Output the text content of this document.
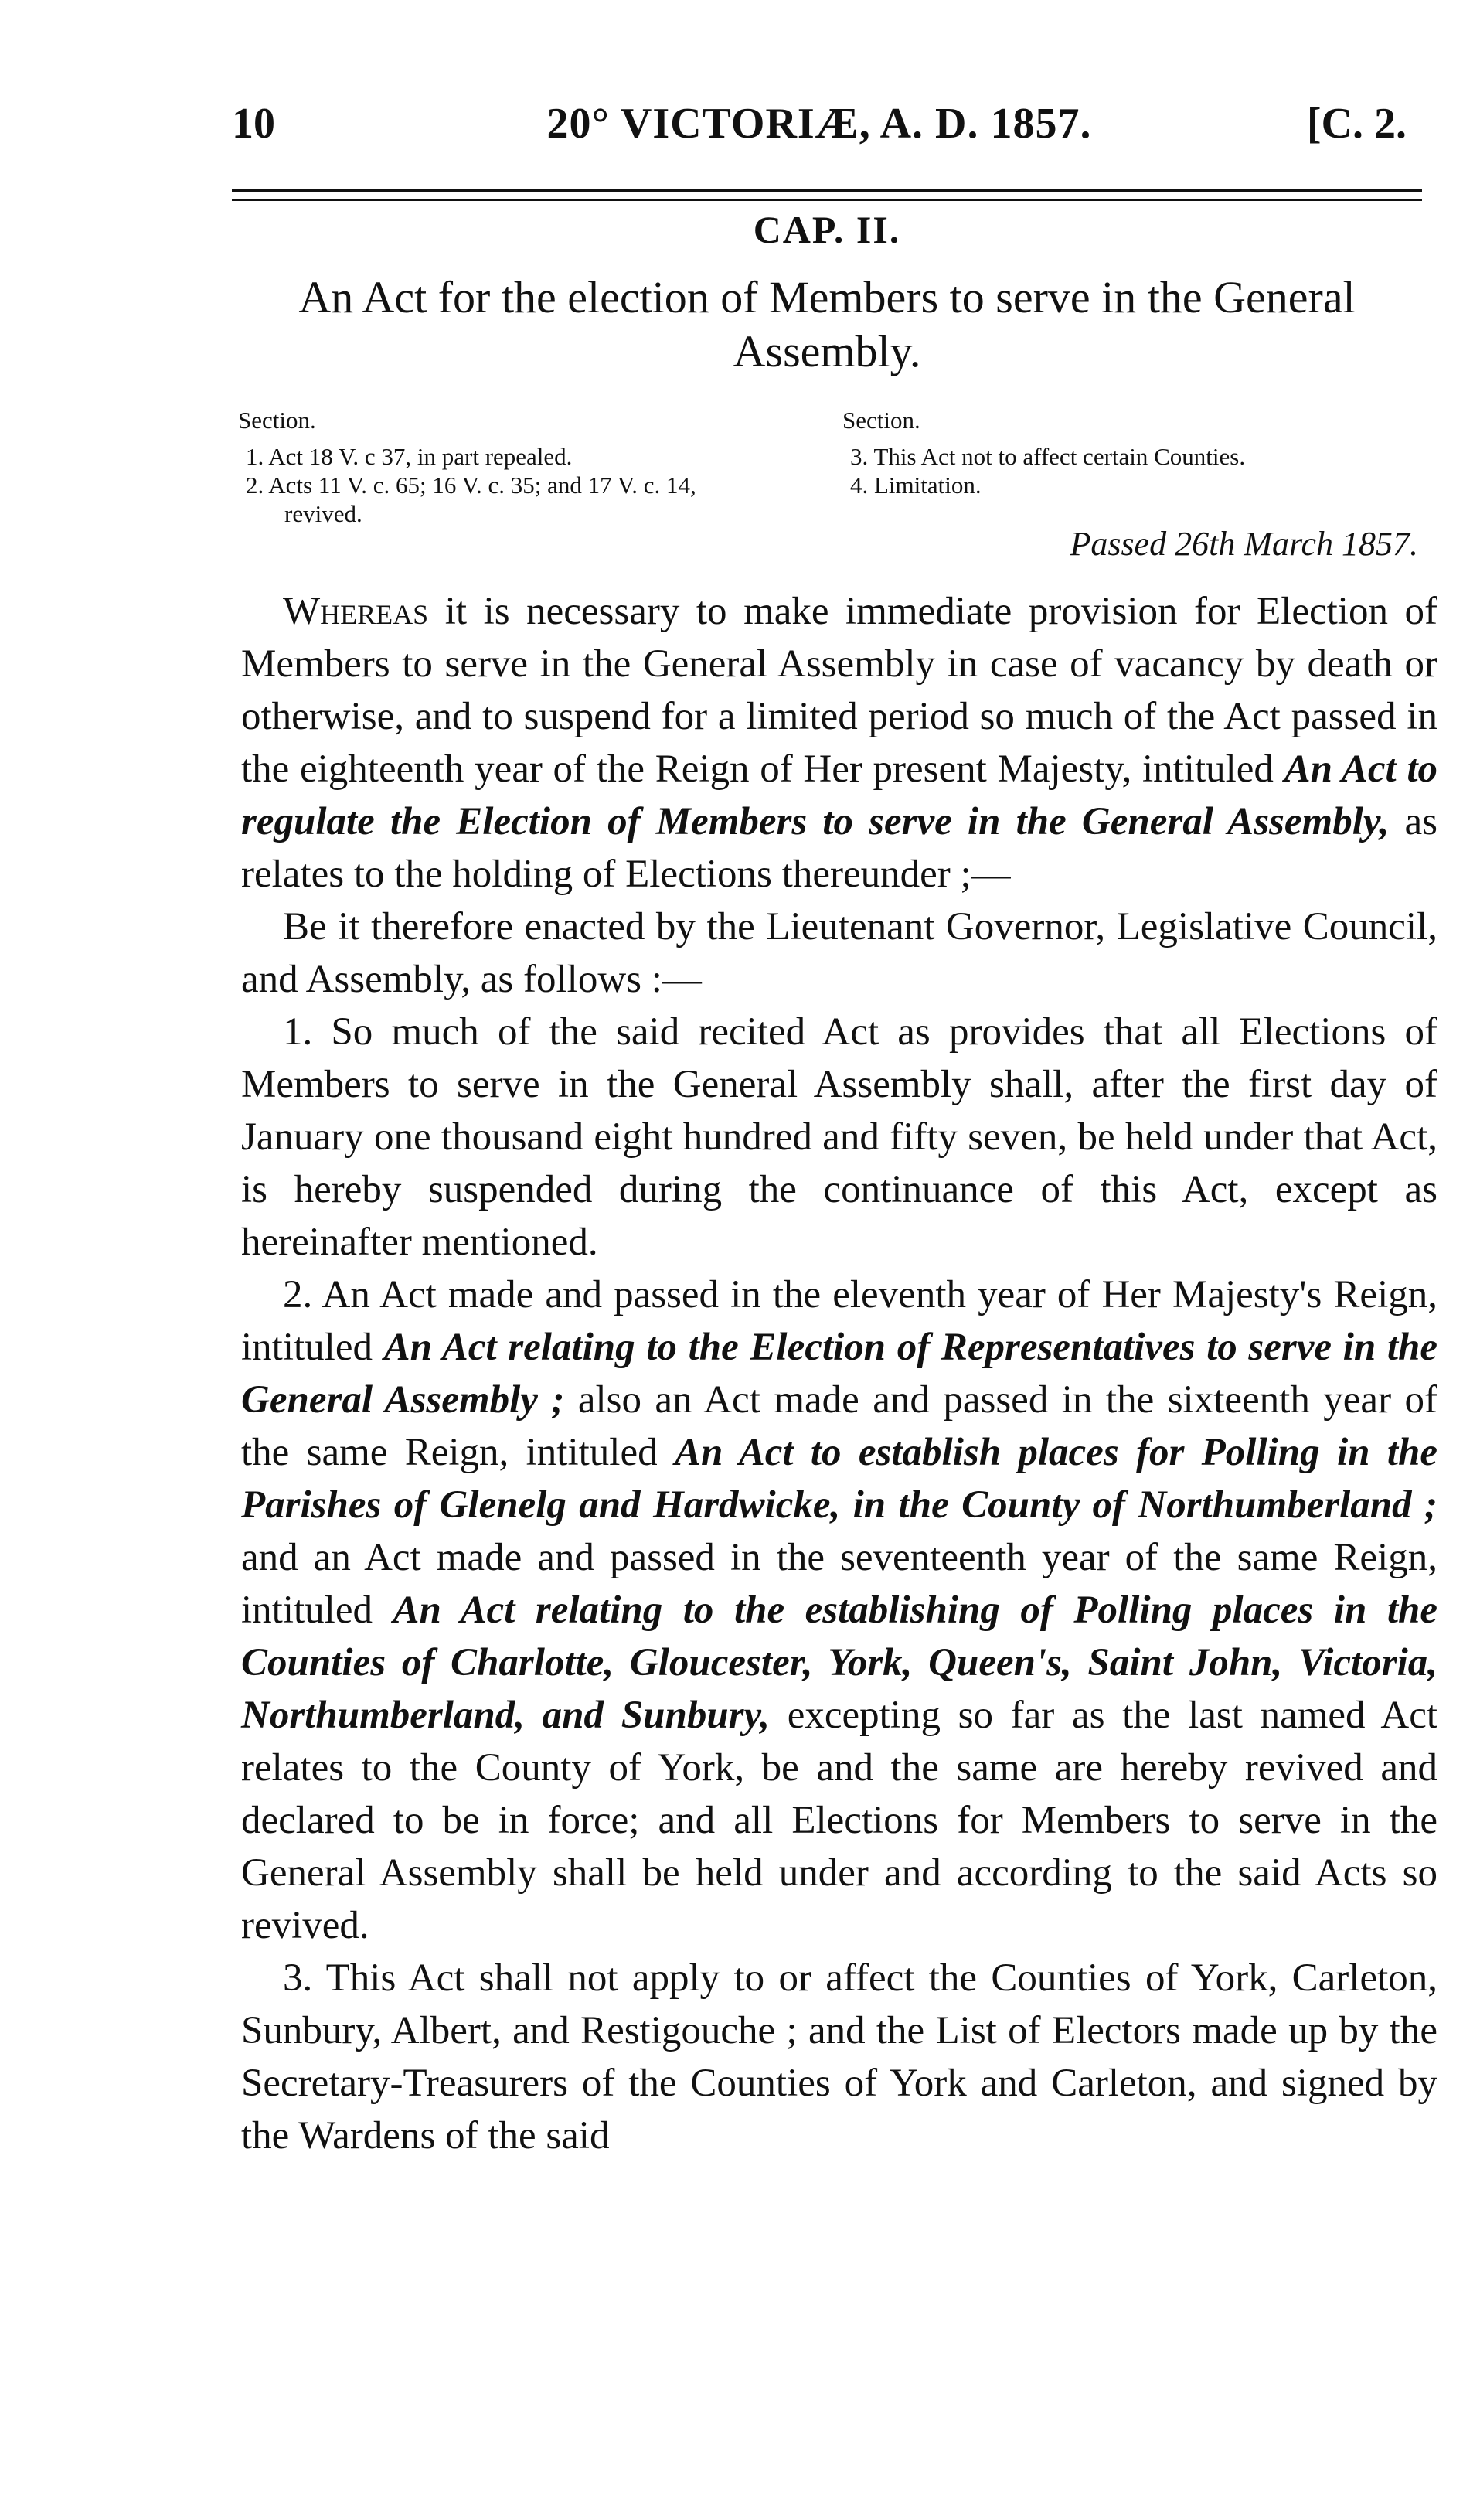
10	20° VICTORIÆ, A. D. 1857.	[C. 2.
CAP. II.
An Act for the election of Members to serve in the General Assembly.
Section.
1. Act 18 V. c 37, in part repealed.
2. Acts 11 V. c. 65; 16 V. c. 35; and 17 V. c. 14, revived.
Section.
3. This Act not to affect certain Counties.
4. Limitation.
Passed 26th March 1857.

Whereas it is necessary to make immediate provision for Election of Members to serve in the General Assembly in case of vacancy by death or otherwise, and to suspend for a limited period so much of the Act passed in the eighteenth year of the Reign of Her present Majesty, intituled An Act to regulate the Election of Members to serve in the General Assembly, as relates to the holding of Elections thereunder ;—

Be it therefore enacted by the Lieutenant Governor, Legislative Council, and Assembly, as follows :—

1. So much of the said recited Act as provides that all Elections of Members to serve in the General Assembly shall, after the first day of January one thousand eight hundred and fifty seven, be held under that Act, is hereby suspended during the continuance of this Act, except as hereinafter mentioned.

2. An Act made and passed in the eleventh year of Her Majesty's Reign, intituled An Act relating to the Election of Representatives to serve in the General Assembly ; also an Act made and passed in the sixteenth year of the same Reign, intituled An Act to establish places for Polling in the Parishes of Glenelg and Hardwicke, in the County of Northumberland ; and an Act made and passed in the seventeenth year of the same Reign, intituled An Act relating to the establishing of Polling places in the Counties of Charlotte, Gloucester, York, Queen's, Saint John, Victoria, Northumberland, and Sunbury, excepting so far as the last named Act relates to the County of York, be and the same are hereby revived and declared to be in force; and all Elections for Members to serve in the General Assembly shall be held under and according to the said Acts so revived.

3. This Act shall not apply to or affect the Counties of York, Carleton, Sunbury, Albert, and Restigouche ; and the List of Electors made up by the Secretary-Treasurers of the Counties of York and Carleton, and signed by the Wardens of the said
